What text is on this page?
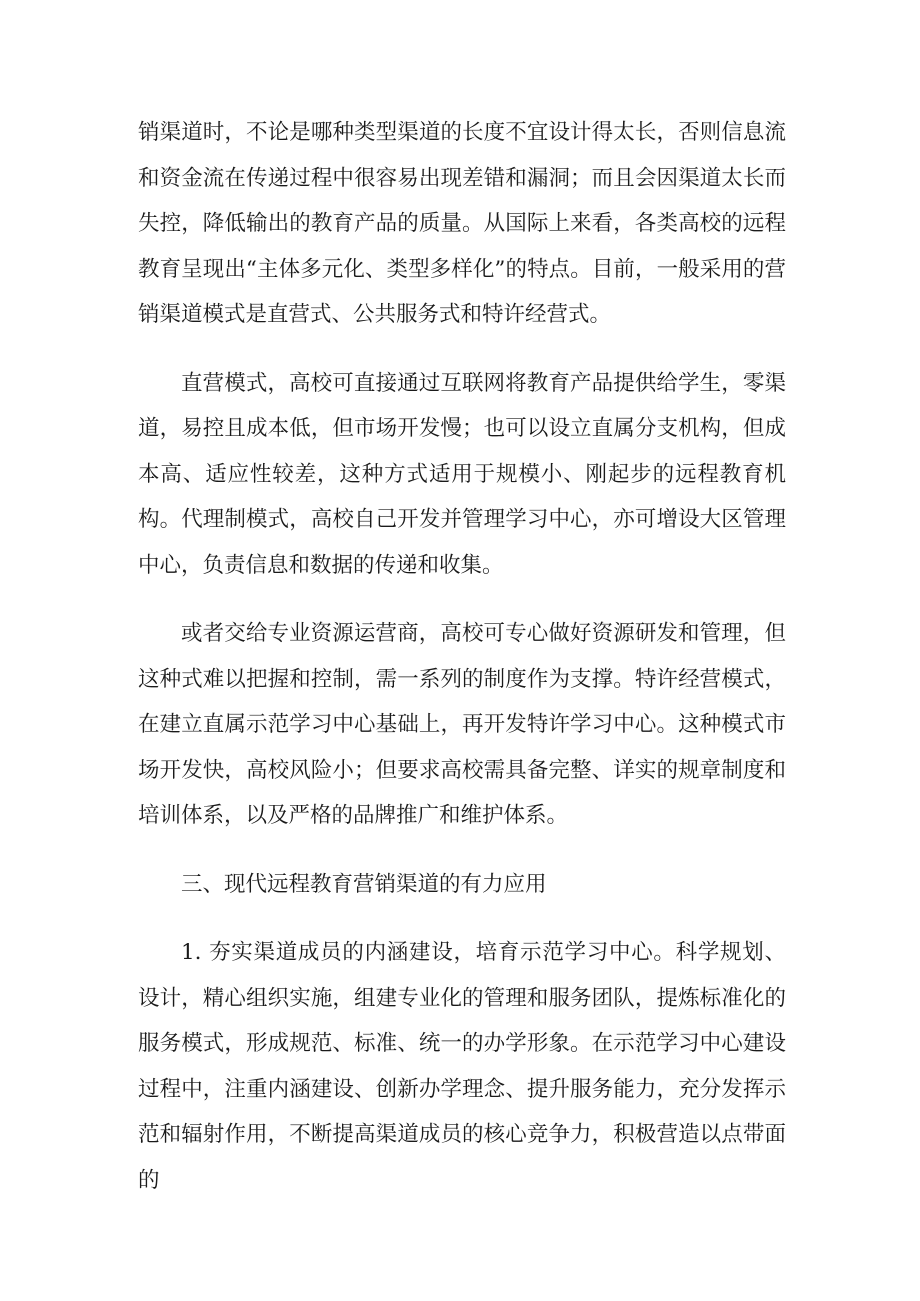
销渠道时，不论是哪种类型渠道的长度不宜设计得太长，否则信息流和资金流在传递过程中很容易出现差错和漏洞；而且会因渠道太长而失控，降低输出的教育产品的质量。从国际上来看，各类高校的远程教育呈现出“主体多元化、类型多样化”的特点。目前，一般采用的营销渠道模式是直营式、公共服务式和特许经营式。

直营模式，高校可直接通过互联网将教育产品提供给学生，零渠道，易控且成本低，但市场开发慢；也可以设立直属分支机构，但成本高、适应性较差，这种方式适用于规模小、刚起步的远程教育机构。代理制模式，高校自己开发并管理学习中心，亦可增设大区管理中心，负责信息和数据的传递和收集。

或者交给专业资源运营商，高校可专心做好资源研发和管理，但这种式难以把握和控制，需一系列的制度作为支撑。特许经营模式，在建立直属示范学习中心基础上，再开发特许学习中心。这种模式市场开发快，高校风险小；但要求高校需具备完整、详实的规章制度和培训体系，以及严格的品牌推广和维护体系。

三、现代远程教育营销渠道的有力应用

1. 夯实渠道成员的内涵建设，培育示范学习中心。科学规划、设计，精心组织实施，组建专业化的管理和服务团队，提炼标准化的服务模式，形成规范、标准、统一的办学形象。在示范学习中心建设过程中，注重内涵建设、创新办学理念、提升服务能力，充分发挥示范和辐射作用，不断提高渠道成员的核心竞争力，积极营造以点带面的
